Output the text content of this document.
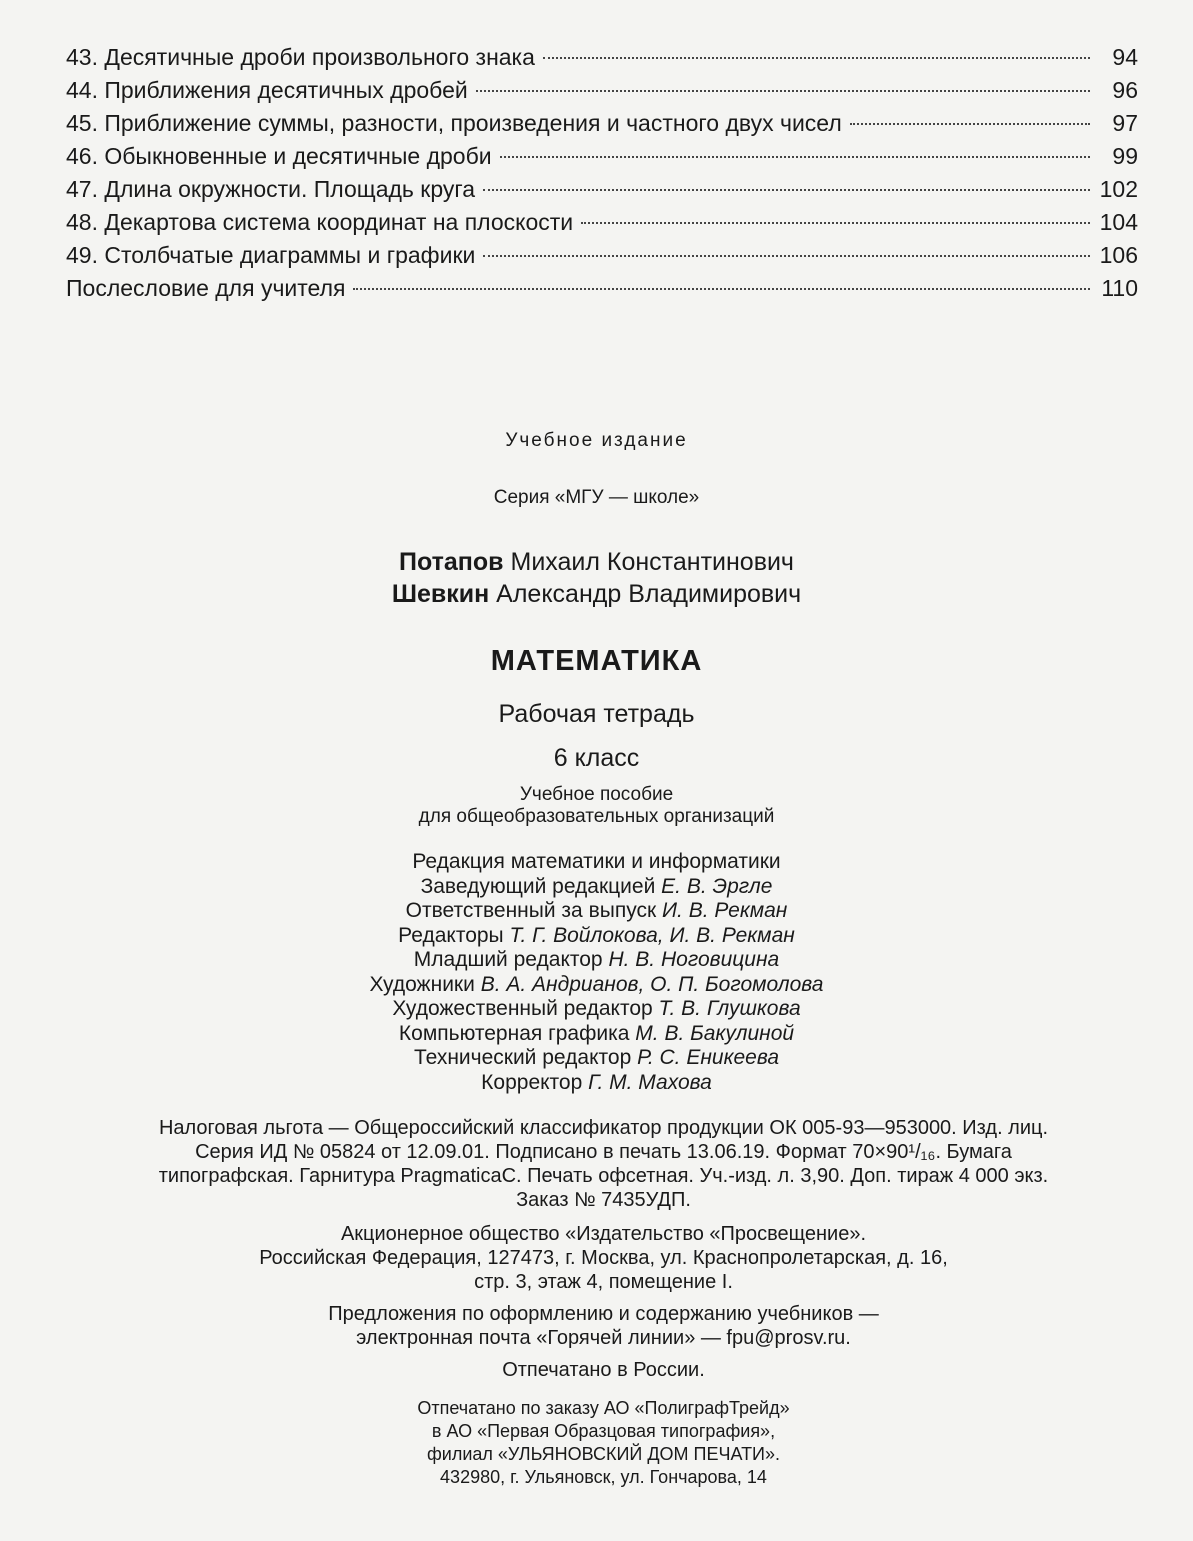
43. Десятичные дроби произвольного знака	94
44. Приближения десятичных дробей	96
45. Приближение суммы, разности, произведения и частного двух чисел	97
46. Обыкновенные и десятичные дроби	99
47. Длина окружности. Площадь круга	102
48. Декартова система координат на плоскости	104
49. Столбчатые диаграммы и графики	106
Послесловие для учителя	110
Учебное издание
Серия «МГУ — школе»
Потапов Михаил Константинович
Шевкин Александр Владимирович
МАТЕМАТИКА
Рабочая тетрадь
6 класс
Учебное пособие
для общеобразовательных организаций
Редакция математики и информатики
Заведующий редакцией Е. В. Эргле
Ответственный за выпуск И. В. Рекман
Редакторы Т. Г. Войлокова, И. В. Рекман
Младший редактор Н. В. Ноговицина
Художники В. А. Андрианов, О. П. Богомолова
Художественный редактор Т. В. Глушкова
Компьютерная графика М. В. Бакулиной
Технический редактор Р. С. Еникеева
Корректор Г. М. Махова
Налоговая льгота — Общероссийский классификатор продукции ОК 005-93—953000. Изд. лиц.
Серия ИД № 05824 от 12.09.01. Подписано в печать 13.06.19. Формат 70×90¹/₁₆. Бумага
типографская. Гарнитура PragmaticaC. Печать офсетная. Уч.-изд. л. 3,90. Доп. тираж 4 000 экз.
Заказ № 7435УДП.
Акционерное общество «Издательство «Просвещение».
Российская Федерация, 127473, г. Москва, ул. Краснопролетарская, д. 16,
стр. 3, этаж 4, помещение I.
Предложения по оформлению и содержанию учебников —
электронная почта «Горячей линии» — fpu@prosv.ru.
Отпечатано в России.
Отпечатано по заказу АО «ПолиграфТрейд»
в АО «Первая Образцовая типография»,
филиал «УЛЬЯНОВСКИЙ ДОМ ПЕЧАТИ».
432980, г. Ульяновск, ул. Гончарова, 14
